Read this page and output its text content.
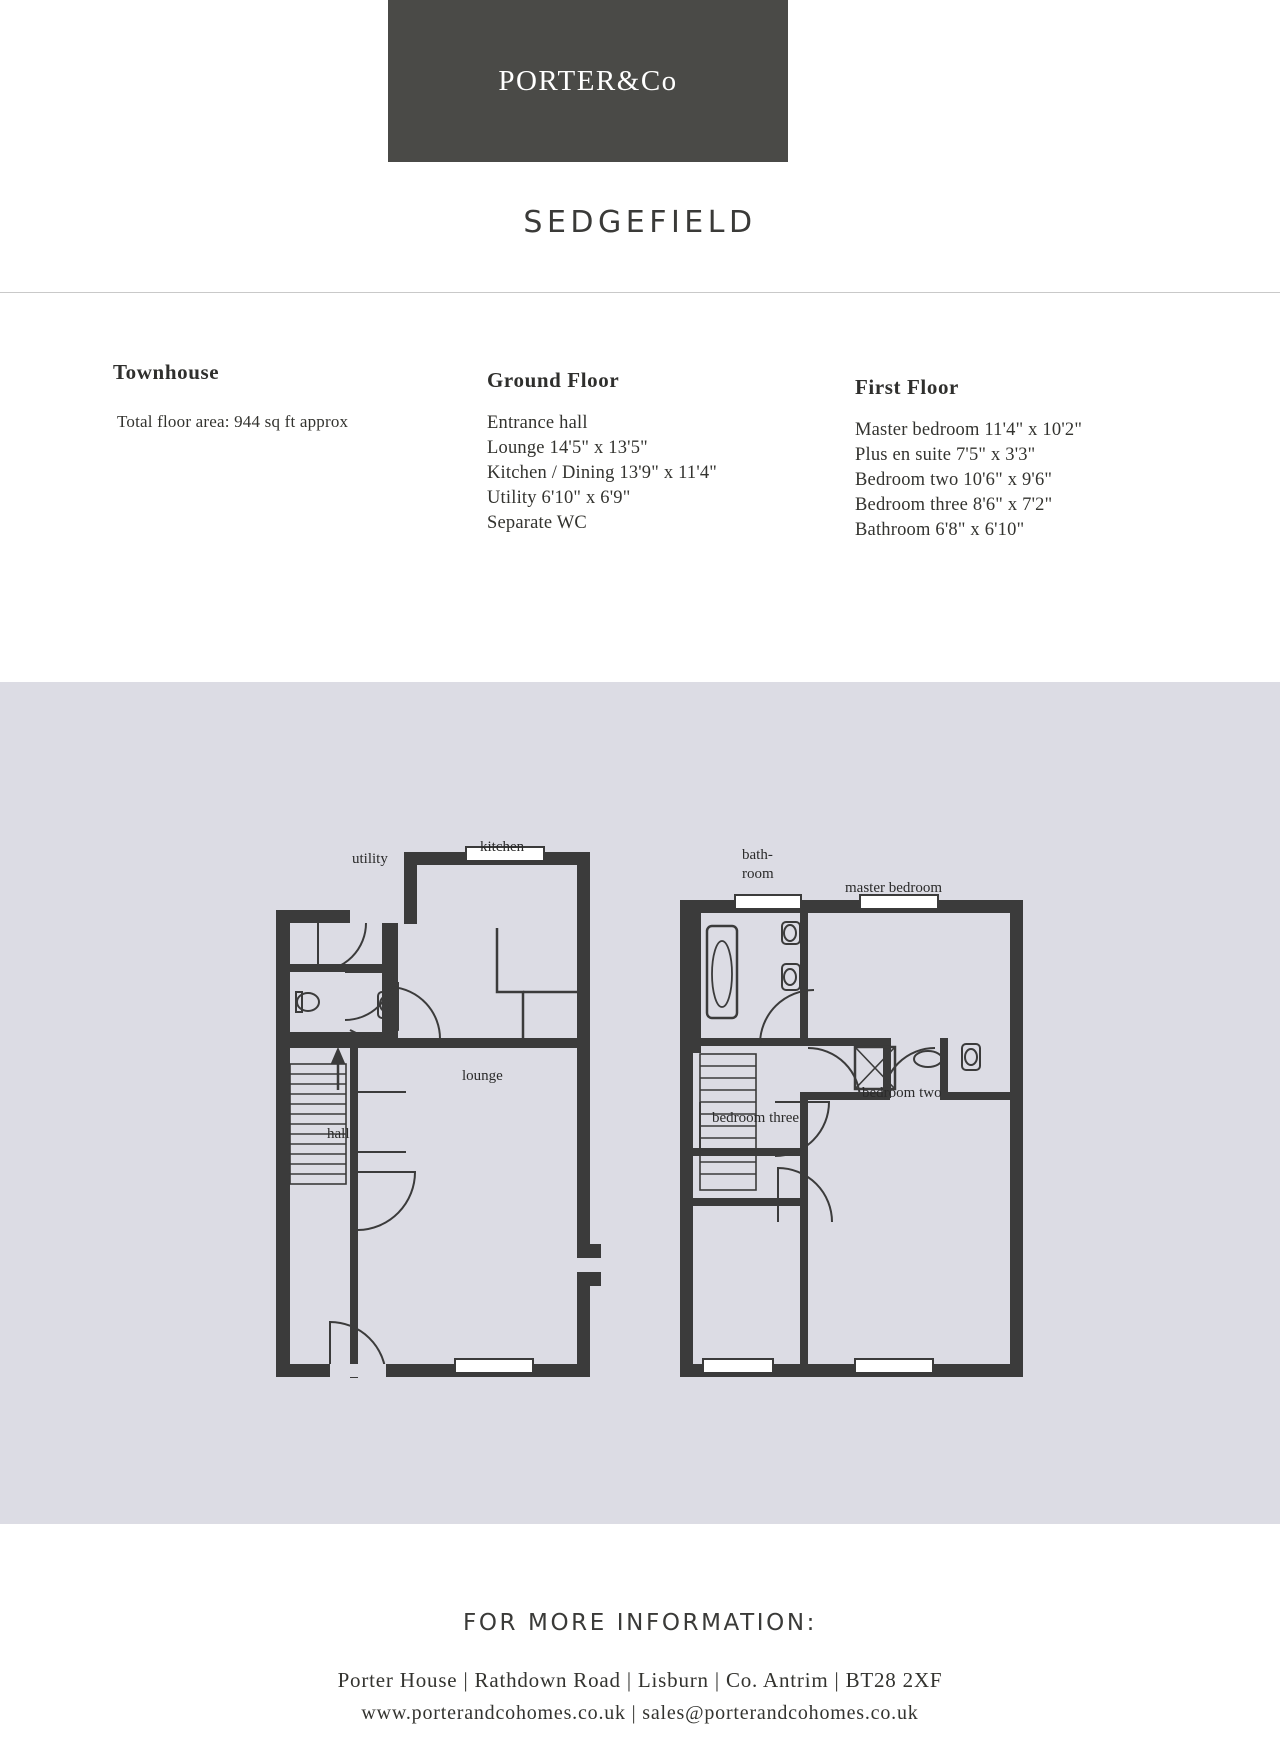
PORTER&Co
SEDGEFIELD
Townhouse
Total floor area: 944 sq ft approx
Ground Floor
Entrance hall
Lounge 14'5" x 13'5"
Kitchen / Dining 13'9" x 11'4"
Utility 6'10" x 6'9"
Separate WC
First Floor
Master bedroom 11'4" x 10'2"
Plus en suite 7'5" x 3'3"
Bedroom two 10'6" x 9'6"
Bedroom three 8'6" x 7'2"
Bathroom 6'8" x 6'10"
utility
kitchen
lounge
hall
bath-
room
master bedroom
bedroom two
bedroom three
FOR MORE INFORMATION:
Porter House | Rathdown Road | Lisburn | Co. Antrim | BT28 2XF
www.porterandcohomes.co.uk | sales@porterandcohomes.co.uk
